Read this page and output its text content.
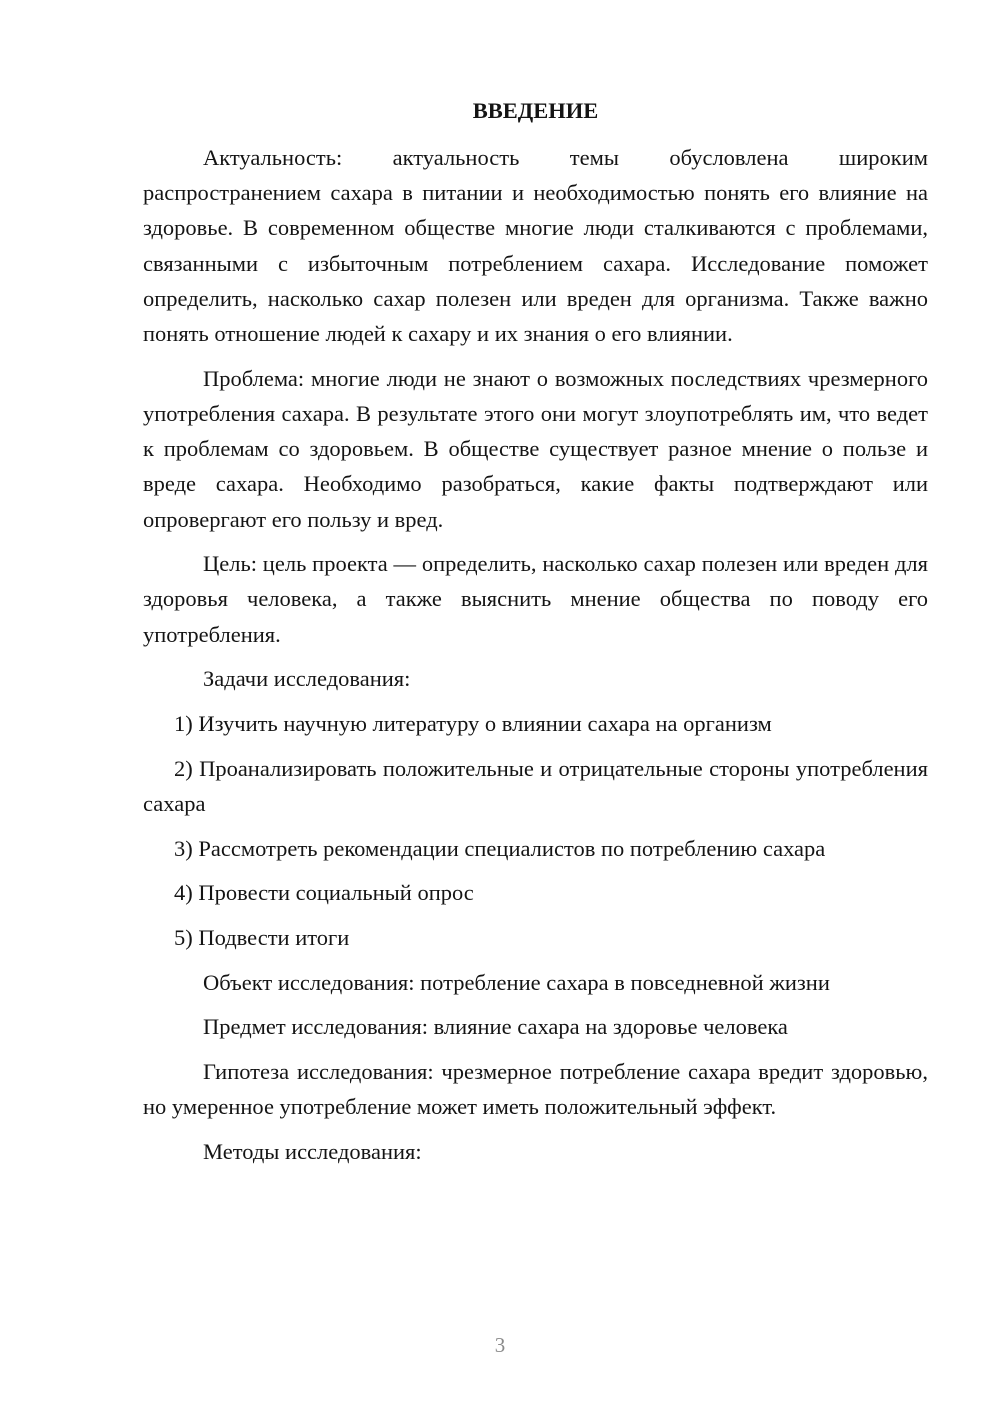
ВВЕДЕНИЕ

Актуальность: актуальность темы обусловлена широким распространением сахара в питании и необходимостью понять его влияние на здоровье. В современном обществе многие люди сталкиваются с проблемами, связанными с избыточным потреблением сахара. Исследование поможет определить, насколько сахар полезен или вреден для организма. Также важно понять отношение людей к сахару и их знания о его влиянии.

Проблема: многие люди не знают о возможных последствиях чрезмерного употребления сахара. В результате этого они могут злоупотреблять им, что ведет к проблемам со здоровьем. В обществе существует разное мнение о пользе и вреде сахара. Необходимо разобраться, какие факты подтверждают или опровергают его пользу и вред.

Цель: цель проекта — определить, насколько сахар полезен или вреден для здоровья человека, а также выяснить мнение общества по поводу его употребления.

Задачи исследования:

1) Изучить научную литературу о влиянии сахара на организм

2) Проанализировать положительные и отрицательные стороны употребления сахара

3) Рассмотреть рекомендации специалистов по потреблению сахара

4) Провести социальный опрос

5) Подвести итоги

Объект исследования: потребление сахара в повседневной жизни

Предмет исследования: влияние сахара на здоровье человека

Гипотеза исследования: чрезмерное потребление сахара вредит здоровью, но умеренное употребление может иметь положительный эффект.

Методы исследования:

3
